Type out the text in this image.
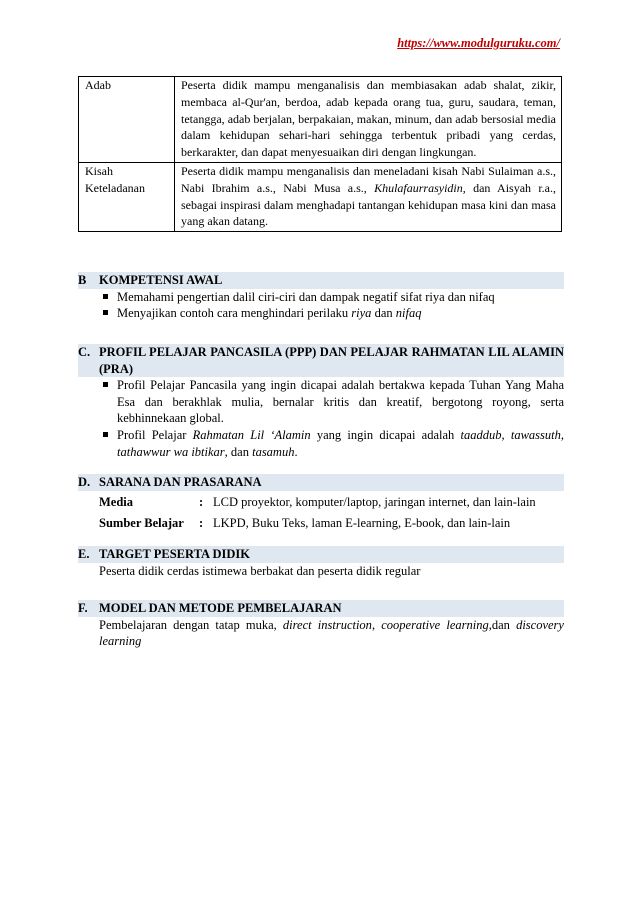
https://www.modulguruku.com/
Adab	Peserta didik mampu menganalisis dan membiasakan adab shalat, zikir, membaca al-Qur'an, berdoa, adab kepada orang tua, guru, saudara, teman, tetangga, adab berjalan, berpakaian, makan, minum, dan adab bersosial media dalam kehidupan sehari-hari sehingga terbentuk pribadi yang cerdas, berkarakter, dan dapat menyesuaikan diri dengan lingkungan.
Kisah Keteladanan	Peserta didik mampu menganalisis dan meneladani kisah Nabi Sulaiman a.s., Nabi Ibrahim a.s., Nabi Musa a.s., Khulafaurrasyidin, dan Aisyah r.a., sebagai inspirasi dalam menghadapi tantangan kehidupan masa kini dan masa yang akan datang.
B	KOMPETENSI AWAL
Memahami pengertian dalil ciri-ciri dan dampak negatif sifat riya dan nifaq
Menyajikan contoh cara menghindari perilaku riya dan nifaq
C. PROFIL PELAJAR PANCASILA (PPP) DAN PELAJAR RAHMATAN LIL ALAMIN (PRA)
Profil Pelajar Pancasila yang ingin dicapai adalah bertakwa kepada Tuhan Yang Maha Esa dan berakhlak mulia, bernalar kritis dan kreatif, bergotong royong, serta kebhinnekaan global.
Profil Pelajar Rahmatan Lil ‘Alamin yang ingin dicapai adalah taaddub, tawassuth, tathawwur wa ibtikar, dan tasamuh.
D. SARANA DAN PRASARANA
Media	: LCD proyektor, komputer/laptop, jaringan internet, dan lain-lain
Sumber Belajar	: LKPD, Buku Teks, laman E-learning, E-book, dan lain-lain
E. TARGET PESERTA DIDIK
Peserta didik cerdas istimewa berbakat dan peserta didik regular
F. MODEL DAN METODE PEMBELAJARAN
Pembelajaran dengan tatap muka, direct instruction, cooperative learning,dan discovery learning
